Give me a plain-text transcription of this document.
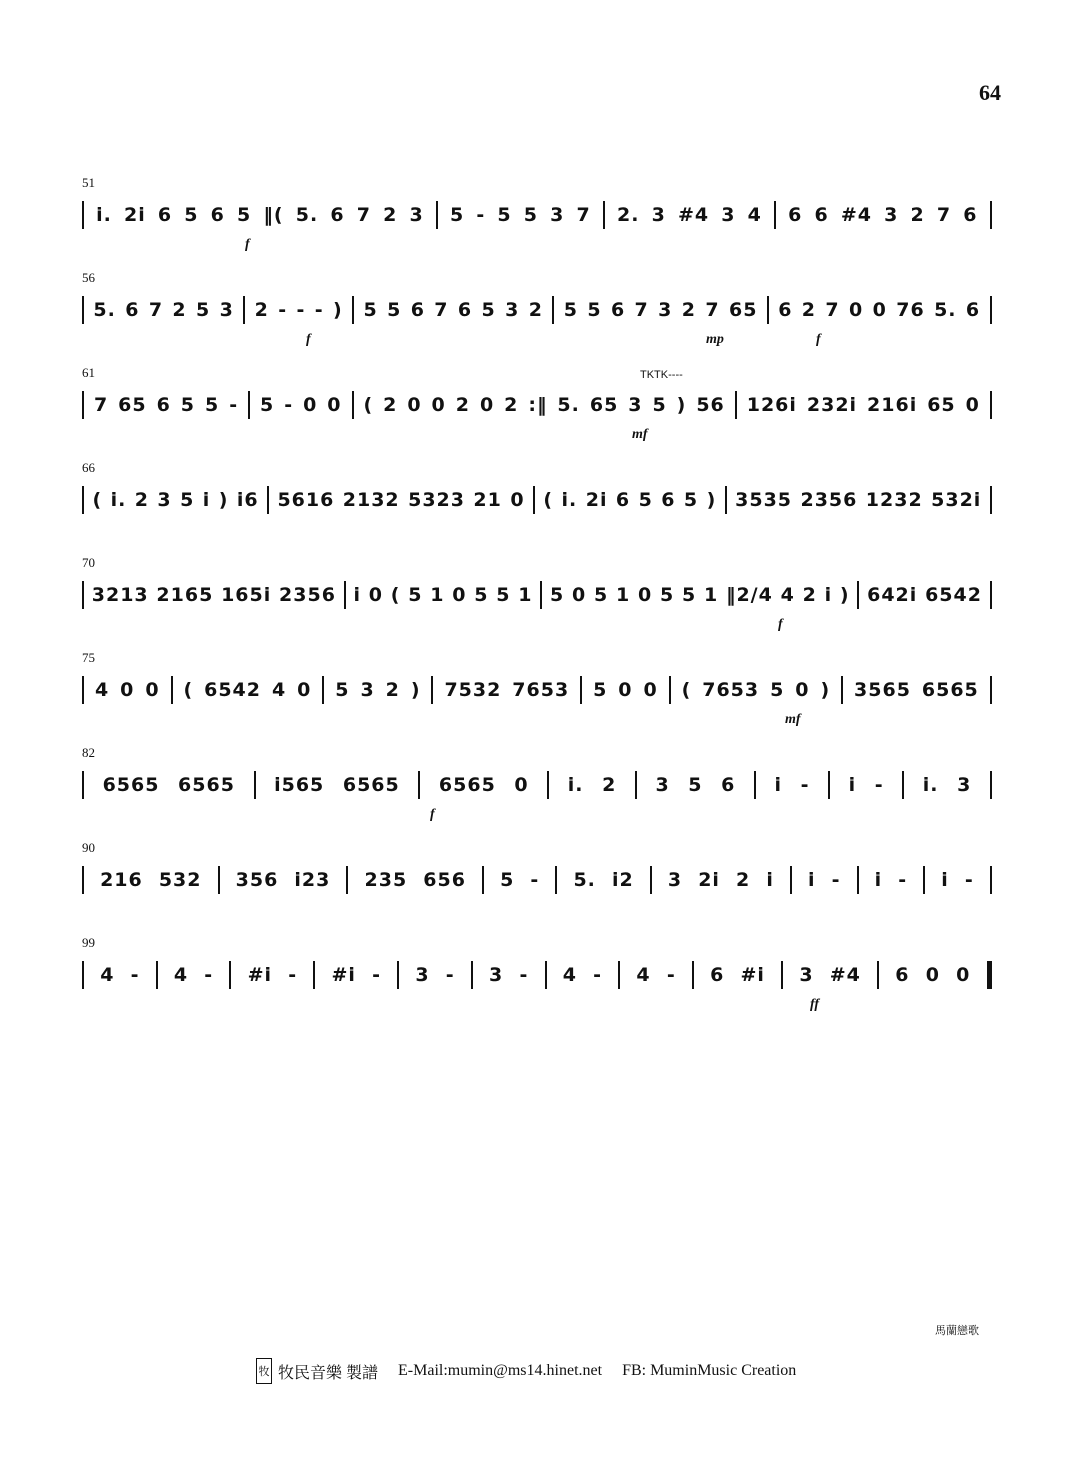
64
51
i. 2i 6 5 6 5 ‖( 5. 6 7 2 3 5 - 5 5 3 7 2. 3 #4 3 4 6 6 #4 3 2 7 6
56
5. 6 7 2 5 3 2 - - - ) 5 5 6 7 6 5 3 2 5 5 6 7 3 2 7 65 6 2 7 0 0 76 5. 6
61
7 65 6 5 5 - 5 - 0 0 ( 2 0 0 2 0 2 :‖ 5. 65 3 5 ) 56 126i 232i 216i 65 0
66
( i. 2 3 5 i ) i6 5616 2132 5323 21 0 ( i. 2i 6 5 6 5 ) 3535 2356 1232 532i
70
3213 2165 165i 2356 i 0 ( 5 1 0 5 5 1 5 0 5 1 0 5 5 1 ‖2/4 4 2 i ) 642i 6542
75
4 0 0 ( 6542 4 0 5 3 2 ) 7532 7653 5 0 0 ( 7653 5 0 ) 3565 6565
82
6565 6565 i565 6565 6565 0 i. 2 3 5 6 i - i - i. 3
90
216 532 356 i23 235 656 5 - 5. i2 3 2i 2 i i - i - i -
99
4 - 4 - #i - #i - 3 - 3 - 4 - 4 - 6 #i 3 #4 6 0 0
f
f	mp	f
mf
TKTK----
f
mf
f
ff
馬蘭戀歌
牧 牧民音樂 製譜 E-Mail:mumin@ms14.hinet.net FB: MuminMusic Creation
